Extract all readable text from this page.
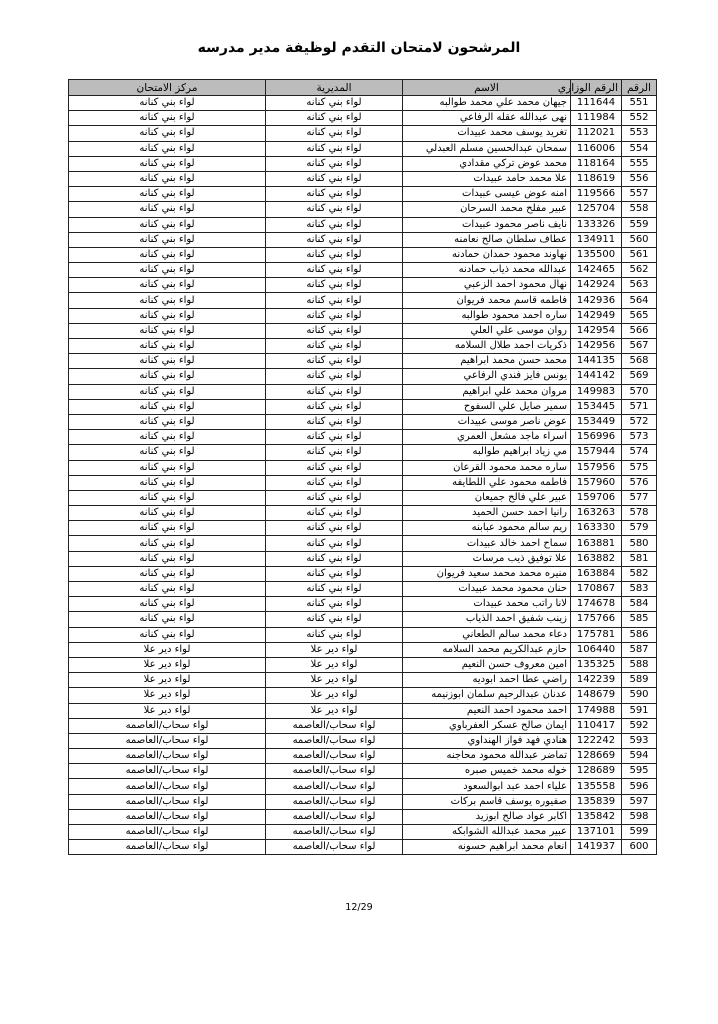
المرشحون لامتحان التقدم لوظيفة مدير مدرسه
الرقم	الرقم الوزاري	الاسم	المديرية	مركز الامتحان
551	111644	جيهان محمد علي محمد طوالبه	لواء بني كنانه	لواء بني كنانه
552	111984	نهى عبدالله عقله الرفاعي	لواء بني كنانه	لواء بني كنانه
553	112021	تغريد يوسف محمد عبيدات	لواء بني كنانه	لواء بني كنانه
554	116006	سمحان عبدالحسين مسلم العبدلي	لواء بني كنانه	لواء بني كنانه
555	118164	محمد عوض تركي مقدادي	لواء بني كنانه	لواء بني كنانه
556	118619	علا محمد حامد عبيدات	لواء بني كنانه	لواء بني كنانه
557	119566	امنه عوض عيسى عبيدات	لواء بني كنانه	لواء بني كنانه
558	125704	عبير مفلح محمد السرحان	لواء بني كنانه	لواء بني كنانه
559	133326	نايف ناصر محمود عبيدات	لواء بني كنانه	لواء بني كنانه
560	134911	عطاف سلطان صالح نعامنه	لواء بني كنانه	لواء بني كنانه
561	135500	نهاوند محمود حمدان حمادنه	لواء بني كنانه	لواء بني كنانه
562	142465	عبدالله محمد ذياب حمادنه	لواء بني كنانه	لواء بني كنانه
563	142924	نهال محمود احمد الزعبي	لواء بني كنانه	لواء بني كنانه
564	142936	فاطمه قاسم محمد فريوان	لواء بني كنانه	لواء بني كنانه
565	142949	ساره احمد محمود طوالبه	لواء بني كنانه	لواء بني كنانه
566	142954	روان موسى علي العلي	لواء بني كنانه	لواء بني كنانه
567	142956	ذكريات احمد طلال السلامه	لواء بني كنانه	لواء بني كنانه
568	144135	محمد حسن محمد ابراهيم	لواء بني كنانه	لواء بني كنانه
569	144142	يونس فايز فندي الرفاعي	لواء بني كنانه	لواء بني كنانه
570	149983	مروان محمد علي ابراهيم	لواء بني كنانه	لواء بني كنانه
571	153445	سمير صايل علي السفوح	لواء بني كنانه	لواء بني كنانه
572	153449	عوض ناصر موسى عبيدات	لواء بني كنانه	لواء بني كنانه
573	156996	اسراء ماجد مشعل العمري	لواء بني كنانه	لواء بني كنانه
574	157944	مي زياد ابراهيم طوالبه	لواء بني كنانه	لواء بني كنانه
575	157956	ساره محمد محمود القرعان	لواء بني كنانه	لواء بني كنانه
576	157960	فاطمه محمود علي اللطايفه	لواء بني كنانه	لواء بني كنانه
577	159706	عبير علي فالح جميعان	لواء بني كنانه	لواء بني كنانه
578	163263	رانيا احمد حسن الحميد	لواء بني كنانه	لواء بني كنانه
579	163330	ريم سالم محمود عبابنه	لواء بني كنانه	لواء بني كنانه
580	163881	سماح احمد خالد عبيدات	لواء بني كنانه	لواء بني كنانه
581	163882	علا توفيق ذيب مرسات	لواء بني كنانه	لواء بني كنانه
582	163884	منيره محمد محمد سعيد فريوان	لواء بني كنانه	لواء بني كنانه
583	170867	حنان محمود محمد عبيدات	لواء بني كنانه	لواء بني كنانه
584	174678	لانا راتب محمد عبيدات	لواء بني كنانه	لواء بني كنانه
585	175766	زينب شفيق احمد الذياب	لواء بني كنانه	لواء بني كنانه
586	175781	دعاء محمد سالم الطعاني	لواء بني كنانه	لواء بني كنانه
587	106440	حازم عبدالكريم محمد السلامه	لواء دير علا	لواء دير علا
588	135325	امين معروف حسن النعيم	لواء دير علا	لواء دير علا
589	142239	راضي عطا احمد ابوديه	لواء دير علا	لواء دير علا
590	148679	عدنان عبدالرحيم سلمان ابوزنيمه	لواء دير علا	لواء دير علا
591	174988	احمد محمود احمد النعيم	لواء دير علا	لواء دير علا
592	110417	ايمان صالح عسكر العفرباوي	لواء سحاب/العاصمه	لواء سحاب/العاصمه
593	122242	هنادي فهد فواز الهنداوي	لواء سحاب/العاصمه	لواء سحاب/العاصمه
594	128669	تماضر عبدالله محمود محاجنه	لواء سحاب/العاصمه	لواء سحاب/العاصمه
595	128689	خوله محمد خميس صبره	لواء سحاب/العاصمه	لواء سحاب/العاصمه
596	135558	علياء احمد عبد ابوالسعود	لواء سحاب/العاصمه	لواء سحاب/العاصمه
597	135839	صفيوره يوسف قاسم بركات	لواء سحاب/العاصمه	لواء سحاب/العاصمه
598	135842	اكابر عواد صالح ابوزيد	لواء سحاب/العاصمه	لواء سحاب/العاصمه
599	137101	عبير محمد عبدالله الشوابكه	لواء سحاب/العاصمه	لواء سحاب/العاصمه
600	141937	انعام محمد ابراهيم حسونه	لواء سحاب/العاصمه	لواء سحاب/العاصمه
12/29
